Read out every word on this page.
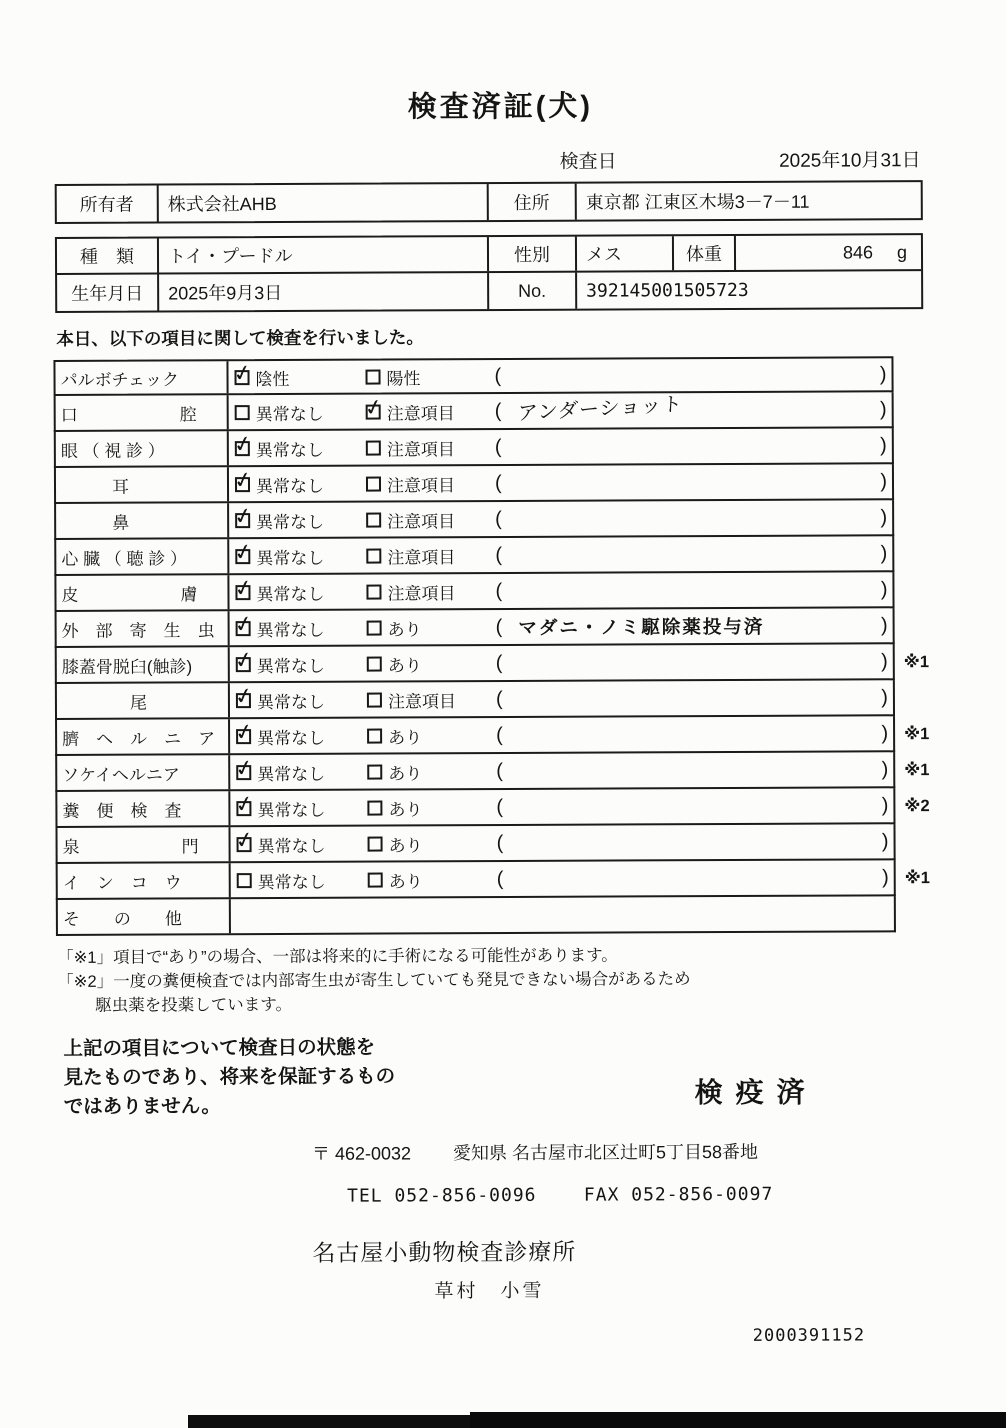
検査済証(犬)
検査日	2025年10月31日
所有者	株式会社AHB	住所	東京都 江東区木場3－7－11
種　類	トイ・プードル	性別	メス	体重	846 g
生年月日	2025年9月3日	No.	392145001505723
本日、以下の項目に関して検査を行いました。
パルボチェック	✓ 陰性	陽性	(	)
口　　　　　　腔	異常なし ✓ 注意項目 ( アンダーショット	)
眼 （ 視 診 ）	✓ 異常なし	注意項目 (	)
　　　耳	✓ 異常なし	注意項目 (	)
　　　鼻	✓ 異常なし	注意項目 (	)
心 臓 （ 聴 診 ）	✓ 異常なし	注意項目 (	)
皮　　　　　　膚	✓ 異常なし	注意項目 (	)
外　部　寄　生　虫 ✓ 異常なし	あり	( マダニ・ノミ駆除薬投与済	)
膝蓋骨脱臼(触診)	✓ 異常なし	あり	(	) ※1
　　　　尾	✓ 異常なし	注意項目 (	)
臍　ヘ　ル　ニ　ア ✓ 異常なし	あり	(	) ※1
ソケイヘルニア	✓ 異常なし	あり	(	) ※1
糞　便　検　査	✓ 異常なし	あり	(	) ※2
泉　　　　　　門	✓ 異常なし	あり	(	)
イ　ン　コ　ウ	異常なし	あり	(	) ※1
そ　　の　　他
「※1」項目で“あり”の場合、一部は将来的に手術になる可能性があります。
「※2」一度の糞便検査では内部寄生虫が寄生していても発見できない場合があるため
駆虫薬を投薬しています。
上記の項目について検査日の状態を
見たものであり、将来を保証するもの
ではありません。	検疫済
〒 462-0032 愛知県 名古屋市北区辻町5丁目58番地
TEL 052-856-0096	FAX 052-856-0097
名古屋小動物検査診療所
草村　小雪
2000391152
